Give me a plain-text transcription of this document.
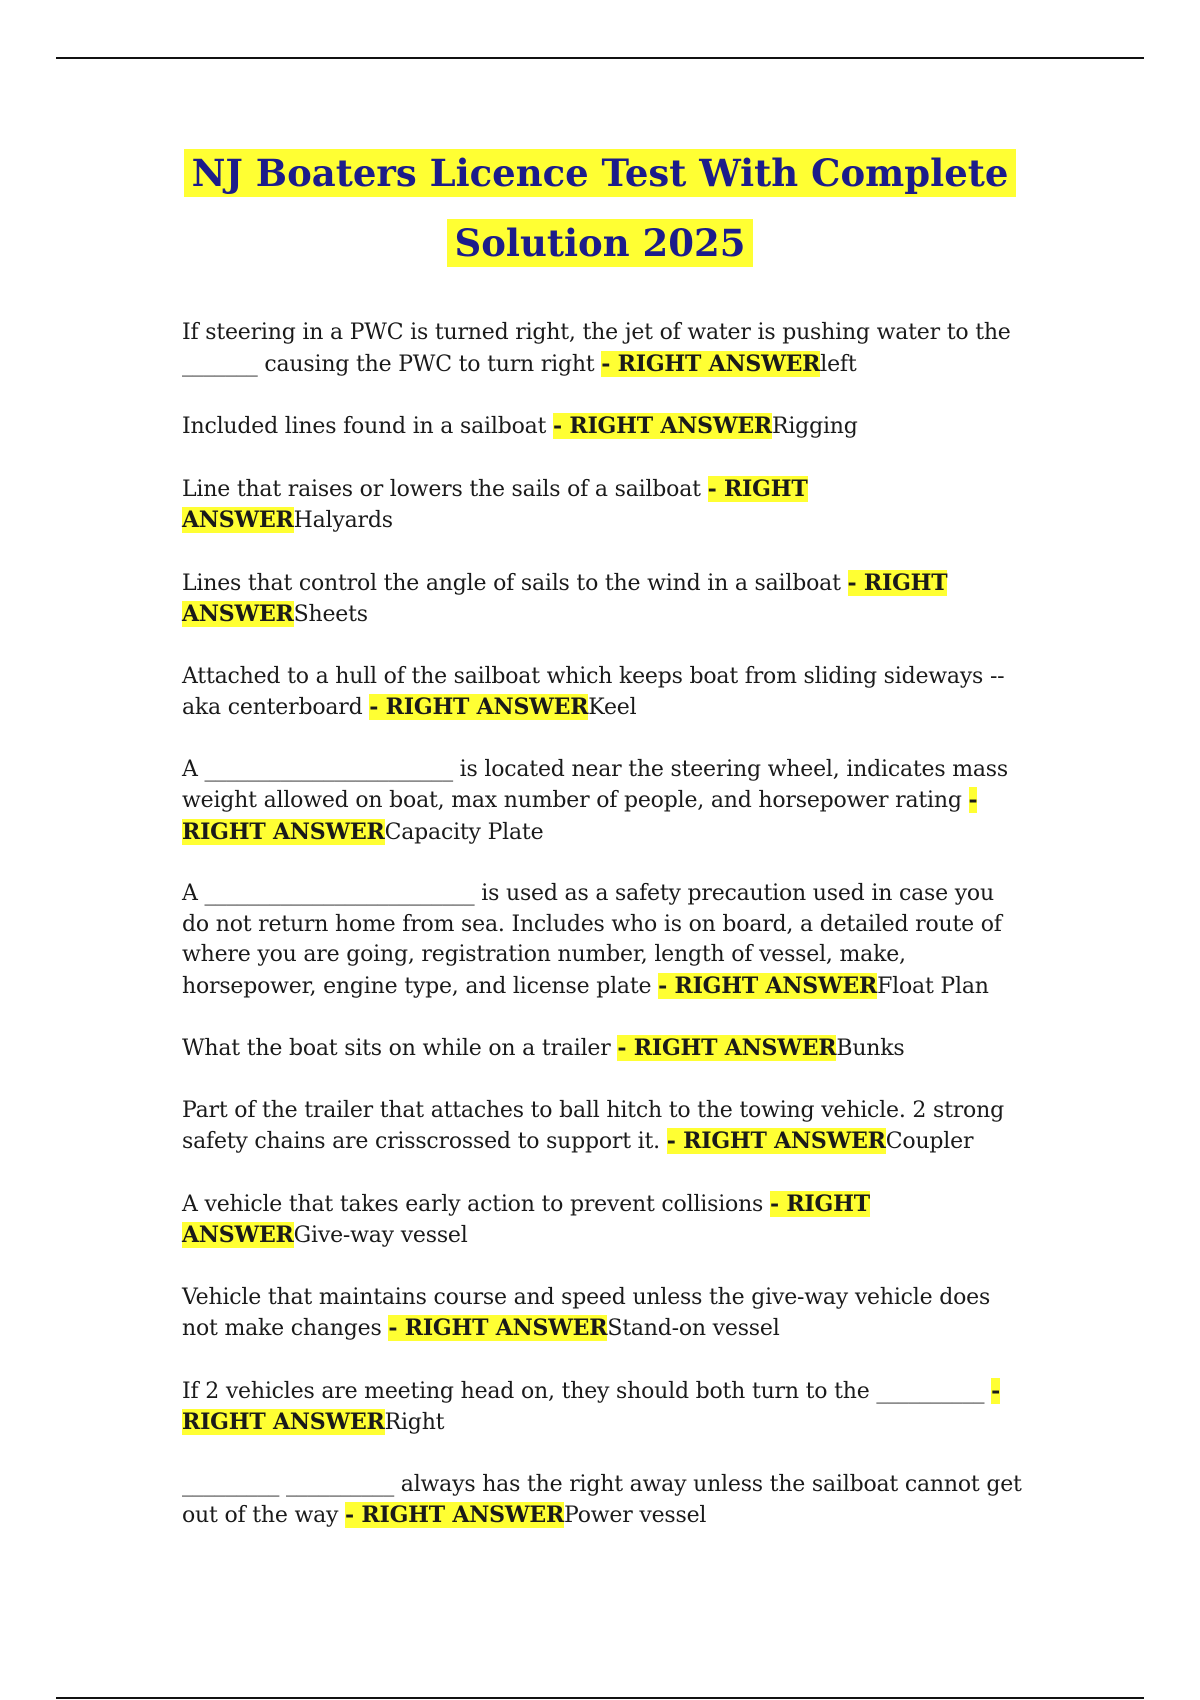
NJ Boaters Licence Test With Complete
Solution 2025
If steering in a PWC is turned right, the jet of water is pushing water to the _______ causing the PWC to turn right - RIGHT ANSWERleft
Included lines found in a sailboat - RIGHT ANSWERRigging
Line that raises or lowers the sails of a sailboat - RIGHT ANSWERHalyards
Lines that control the angle of sails to the wind in a sailboat - RIGHT ANSWERSheets
Attached to a hull of the sailboat which keeps boat from sliding sideways -- aka centerboard - RIGHT ANSWERKeel
A _______________________ is located near the steering wheel, indicates mass weight allowed on boat, max number of people, and horsepower rating - RIGHT ANSWERCapacity Plate
A _________________________ is used as a safety precaution used in case you do not return home from sea. Includes who is on board, a detailed route of where you are going, registration number, length of vessel, make, horsepower, engine type, and license plate - RIGHT ANSWERFloat Plan
What the boat sits on while on a trailer - RIGHT ANSWERBunks
Part of the trailer that attaches to ball hitch to the towing vehicle. 2 strong safety chains are crisscrossed to support it. - RIGHT ANSWERCoupler
A vehicle that takes early action to prevent collisions - RIGHT ANSWERGive-way vessel
Vehicle that maintains course and speed unless the give-way vehicle does not make changes - RIGHT ANSWERStand-on vessel
If 2 vehicles are meeting head on, they should both turn to the __________ - RIGHT ANSWERRight
_________ __________ always has the right away unless the sailboat cannot get out of the way - RIGHT ANSWERPower vessel
